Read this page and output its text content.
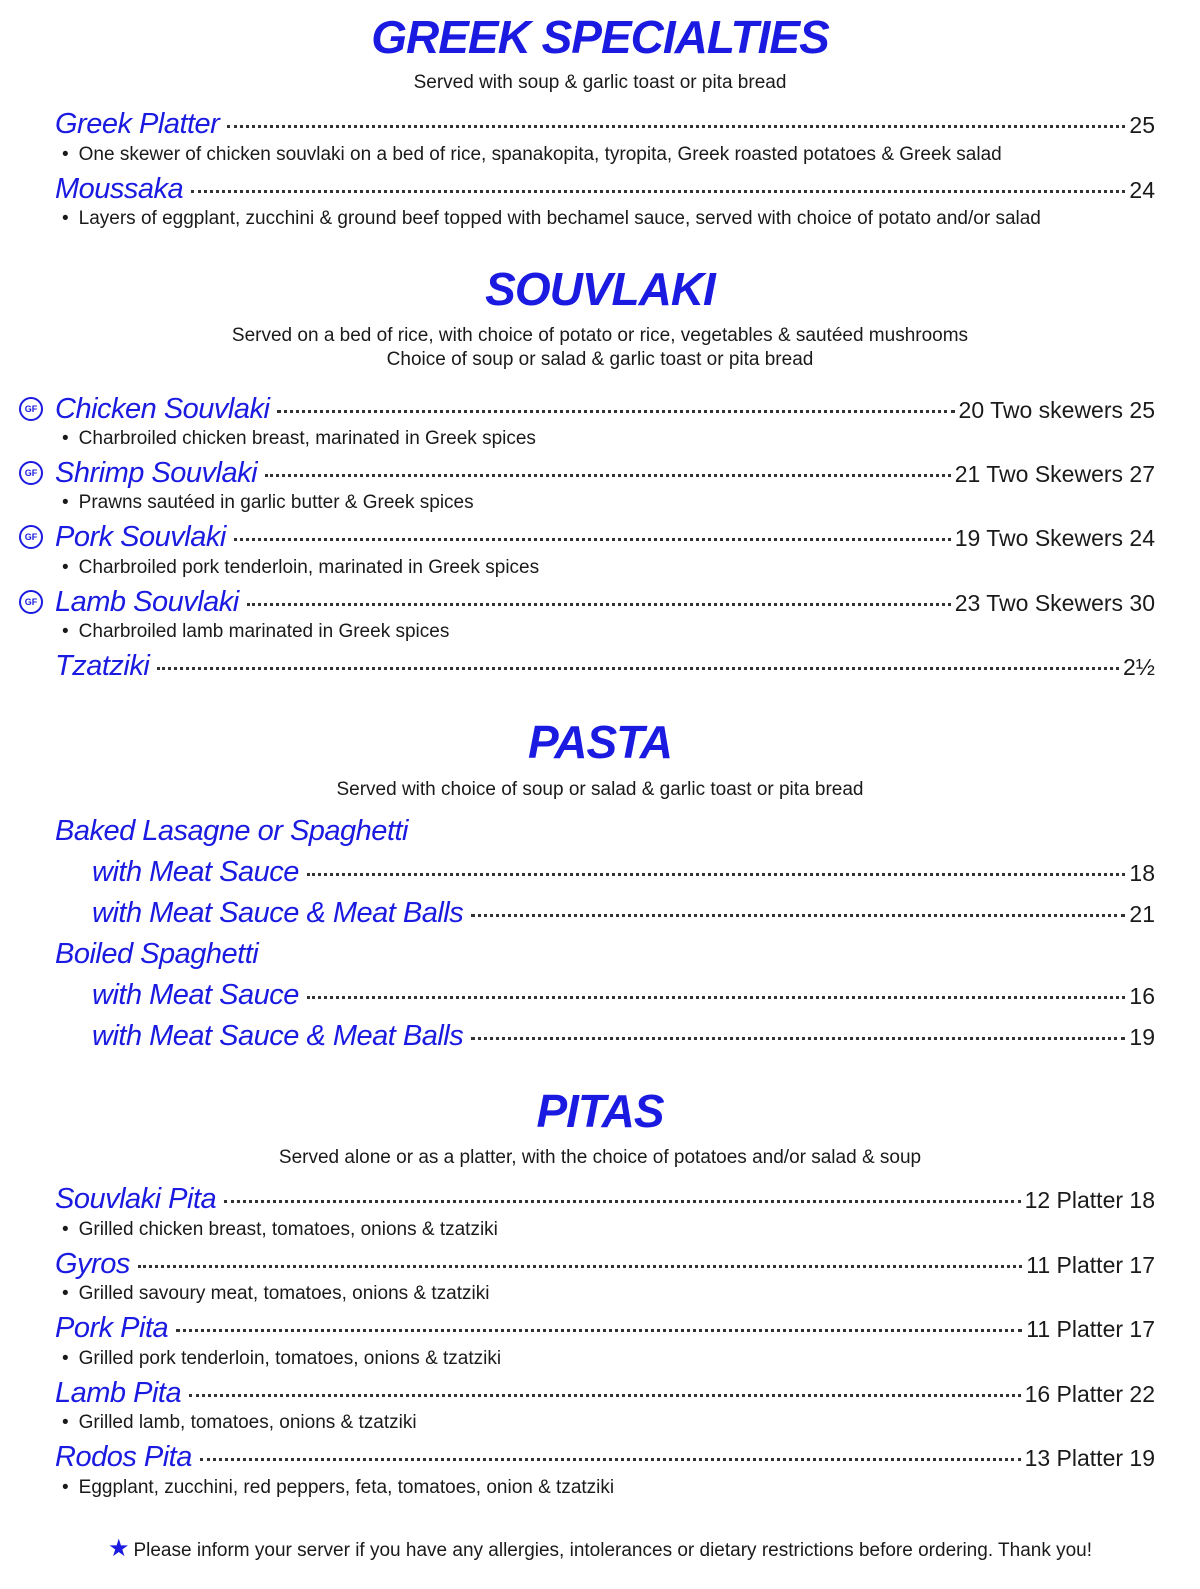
GREEK SPECIALTIES
Served with soup & garlic toast or pita bread
Greek Platter	25
• One skewer of chicken souvlaki on a bed of rice, spanakopita, tyropita, Greek roasted potatoes & Greek salad
Moussaka	24
• Layers of eggplant, zucchini & ground beef topped with bechamel sauce, served with choice of potato and/or salad
SOUVLAKI
Served on a bed of rice, with choice of potato or rice, vegetables & sautéed mushrooms
Choice of soup or salad & garlic toast or pita bread
GF Chicken Souvlaki	20 Two skewers 25
• Charbroiled chicken breast, marinated in Greek spices
GF Shrimp Souvlaki	21 Two Skewers 27
• Prawns sautéed in garlic butter & Greek spices
GF Pork Souvlaki	19 Two Skewers 24
• Charbroiled pork tenderloin, marinated in Greek spices
GF Lamb Souvlaki	23 Two Skewers 30
• Charbroiled lamb marinated in Greek spices
Tzatziki	2½
PASTA
Served with choice of soup or salad & garlic toast or pita bread
Baked Lasagne or Spaghetti
with Meat Sauce	18
with Meat Sauce & Meat Balls	21
Boiled Spaghetti
with Meat Sauce	16
with Meat Sauce & Meat Balls	19
PITAS
Served alone or as a platter, with the choice of potatoes and/or salad & soup
Souvlaki Pita	12 Platter 18
• Grilled chicken breast, tomatoes, onions & tzatziki
Gyros	11 Platter 17
• Grilled savoury meat, tomatoes, onions & tzatziki
Pork Pita	11 Platter 17
• Grilled pork tenderloin, tomatoes, onions & tzatziki
Lamb Pita	16 Platter 22
• Grilled lamb, tomatoes, onions & tzatziki
Rodos Pita	13 Platter 19
• Eggplant, zucchini, red peppers, feta, tomatoes, onion & tzatziki
★ Please inform your server if you have any allergies, intolerances or dietary restrictions before ordering. Thank you!
